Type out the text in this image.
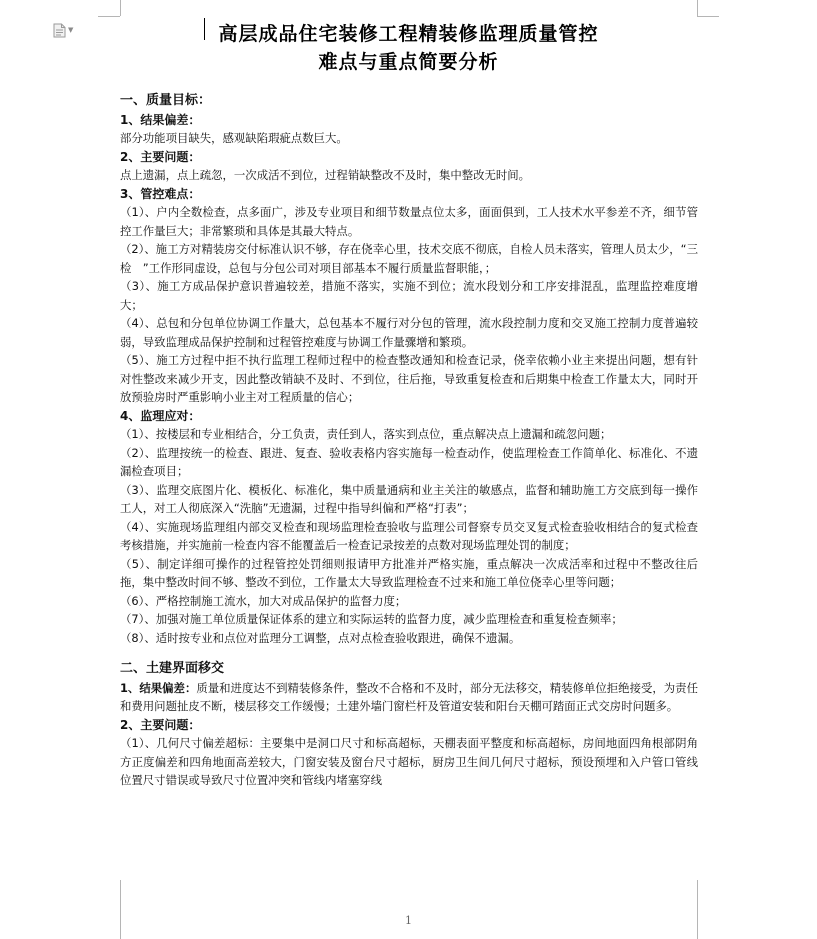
▼	高层成品住宅装修工程精装修监理质量管控
难点与重点简要分析

一、质量目标：

1、结果偏差：

部分功能项目缺失，感观缺陷瑕疵点数巨大。

2、主要问题：

点上遗漏，点上疏忽，一次成活不到位，过程销缺整改不及时，集中整改无时间。

3、管控难点：

（1）、户内全数检查，点多面广，涉及专业项目和细节数量点位太多，面面俱到，工人技术水平参差不齐，细节管控工作量巨大；非常繁琐和具体是其最大特点。

（2）、施工方对精装房交付标准认识不够，存在侥幸心里，技术交底不彻底，自检人员未落实，管理人员太少，“三检　”工作形同虚设，总包与分包公司对项目部基本不履行质量监督职能，；

（3）、施工方成品保护意识普遍较差，措施不落实，实施不到位；流水段划分和工序安排混乱，监理监控难度增大；

（4）、总包和分包单位协调工作量大，总包基本不履行对分包的管理，流水段控制力度和交叉施工控制力度普遍较弱，导致监理成品保护控制和过程管控难度与协调工作量骤增和繁琐。

（5）、施工方过程中拒不执行监理工程师过程中的检查整改通知和检查记录，侥幸依赖小业主来提出问题，想有针对性整改来减少开支，因此整改销缺不及时、不到位，往后拖，导致重复检查和后期集中检查工作量太大，同时开放预验房时严重影响小业主对工程质量的信心；

4、监理应对：

（1）、按楼层和专业相结合，分工负责，责任到人，落实到点位，重点解决点上遗漏和疏忽问题；

（2）、监理按统一的检查、跟进、复查、验收表格内容实施每一检查动作，使监理检查工作简单化、标准化、不遗漏检查项目；

（3）、监理交底图片化、模板化、标准化，集中质量通病和业主关注的敏感点，监督和辅助施工方交底到每一操作工人，对工人彻底深入“洗脑”无遗漏，过程中指导纠偏和严格“打表”；

（4）、实施现场监理组内部交叉检查和现场监理检查验收与监理公司督察专员交叉复式检查验收相结合的复式检查考核措施，并实施前一检查内容不能覆盖后一检查记录按差的点数对现场监理处罚的制度；

（5）、制定详细可操作的过程管控处罚细则报请甲方批准并严格实施，重点解决一次成活率和过程中不整改往后拖，集中整改时间不够、整改不到位，工作量太大导致监理检查不过来和施工单位侥幸心里等问题；

（6）、严格控制施工流水，加大对成品保护的监督力度；

（7）、加强对施工单位质量保证体系的建立和实际运转的监督力度，减少监理检查和重复检查频率；

（8）、适时按专业和点位对监理分工调整，点对点检查验收跟进，确保不遗漏。

二、土建界面移交

1、结果偏差：质量和进度达不到精装修条件，整改不合格和不及时，部分无法移交，精装修单位拒绝接受，为责任和费用问题扯皮不断，楼层移交工作缓慢；土建外墙门窗栏杆及管道安装和阳台天棚可踏面正式交房时问题多。

2、主要问题：

（1）、几何尺寸偏差超标：主要集中是洞口尺寸和标高超标，天棚表面平整度和标高超标，房间地面四角根部阴角方正度偏差和四角地面高差较大，门窗安装及窗台尺寸超标，厨房卫生间几何尺寸超标，预设预埋和入户管口管线位置尺寸错误或导致尺寸位置冲突和管线内堵塞穿线

1
